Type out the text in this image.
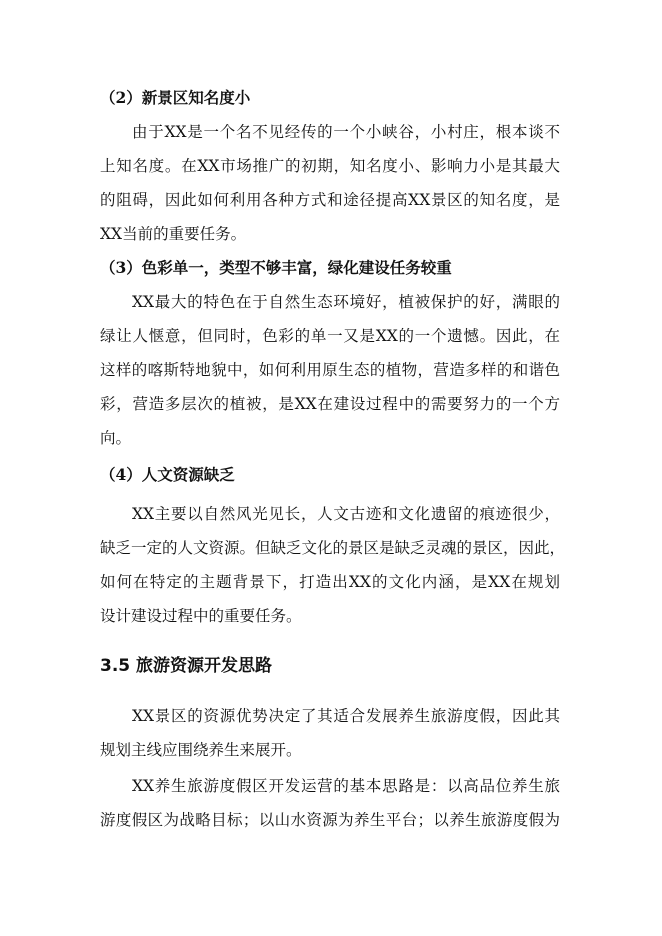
（2）新景区知名度小
由于XX是一个名不见经传的一个小峡谷，小村庄，根本谈不
上知名度。在XX市场推广的初期，知名度小、影响力小是其最大
的阻碍，因此如何利用各种方式和途径提高XX景区的知名度，是
XX当前的重要任务。
（3）色彩单一，类型不够丰富，绿化建设任务较重
XX最大的特色在于自然生态环境好，植被保护的好，满眼的
绿让人惬意，但同时，色彩的单一又是XX的一个遗憾。因此，在
这样的喀斯特地貌中，如何利用原生态的植物，营造多样的和谐色
彩，营造多层次的植被，是XX在建设过程中的需要努力的一个方
向。
（4）人文资源缺乏
XX主要以自然风光见长，人文古迹和文化遗留的痕迹很少，
缺乏一定的人文资源。但缺乏文化的景区是缺乏灵魂的景区，因此，
如何在特定的主题背景下，打造出XX的文化内涵，是XX在规划
设计建设过程中的重要任务。
3.5 旅游资源开发思路
XX景区的资源优势决定了其适合发展养生旅游度假，因此其
规划主线应围绕养生来展开。
XX养生旅游度假区开发运营的基本思路是：以高品位养生旅
游度假区为战略目标；以山水资源为养生平台；以养生旅游度假为
